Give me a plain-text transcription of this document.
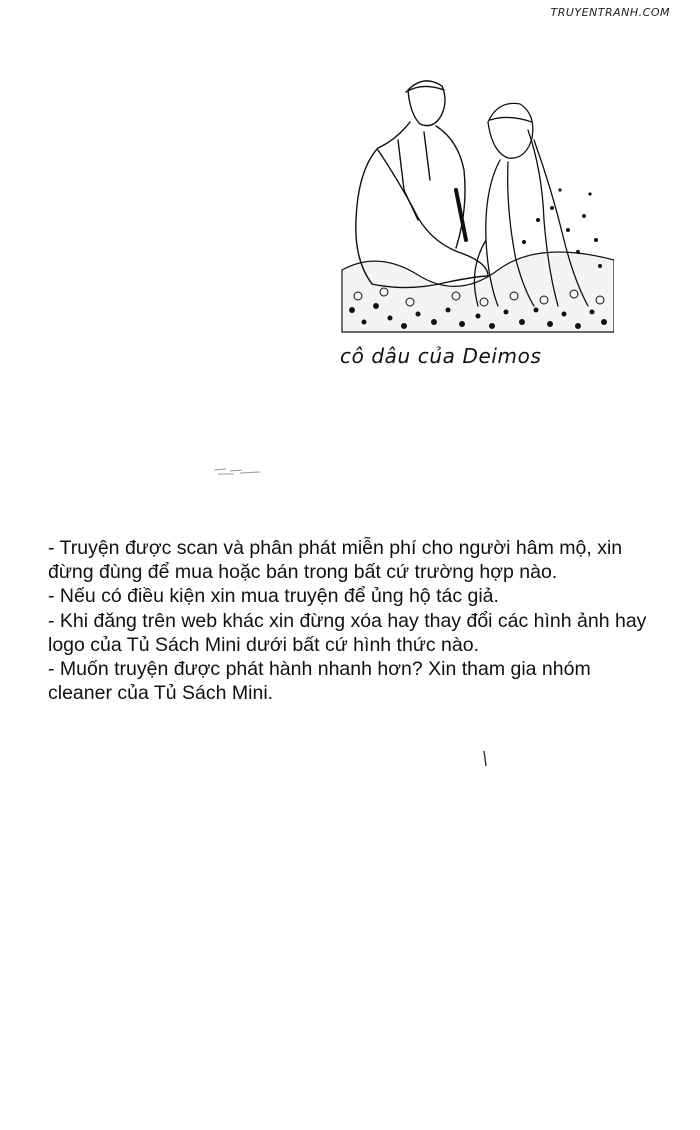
TRUYENTRANH.COM
cô dâu của Deimos

- Truyện được scan và phân phát miễn phí cho người hâm mộ, xin đừng đùng để mua hoặc bán trong bất cứ trường hợp nào.

- Nếu có điều kiện xin mua truyện để ủng hộ tác giả.

- Khi đăng trên web khác xin đừng xóa hay thay đổi các hình ảnh hay logo của Tủ Sách Mini dưới bất cứ hình thức nào.

- Muốn truyện được phát hành nhanh hơn? Xin tham gia nhóm cleaner của Tủ Sách Mini.
